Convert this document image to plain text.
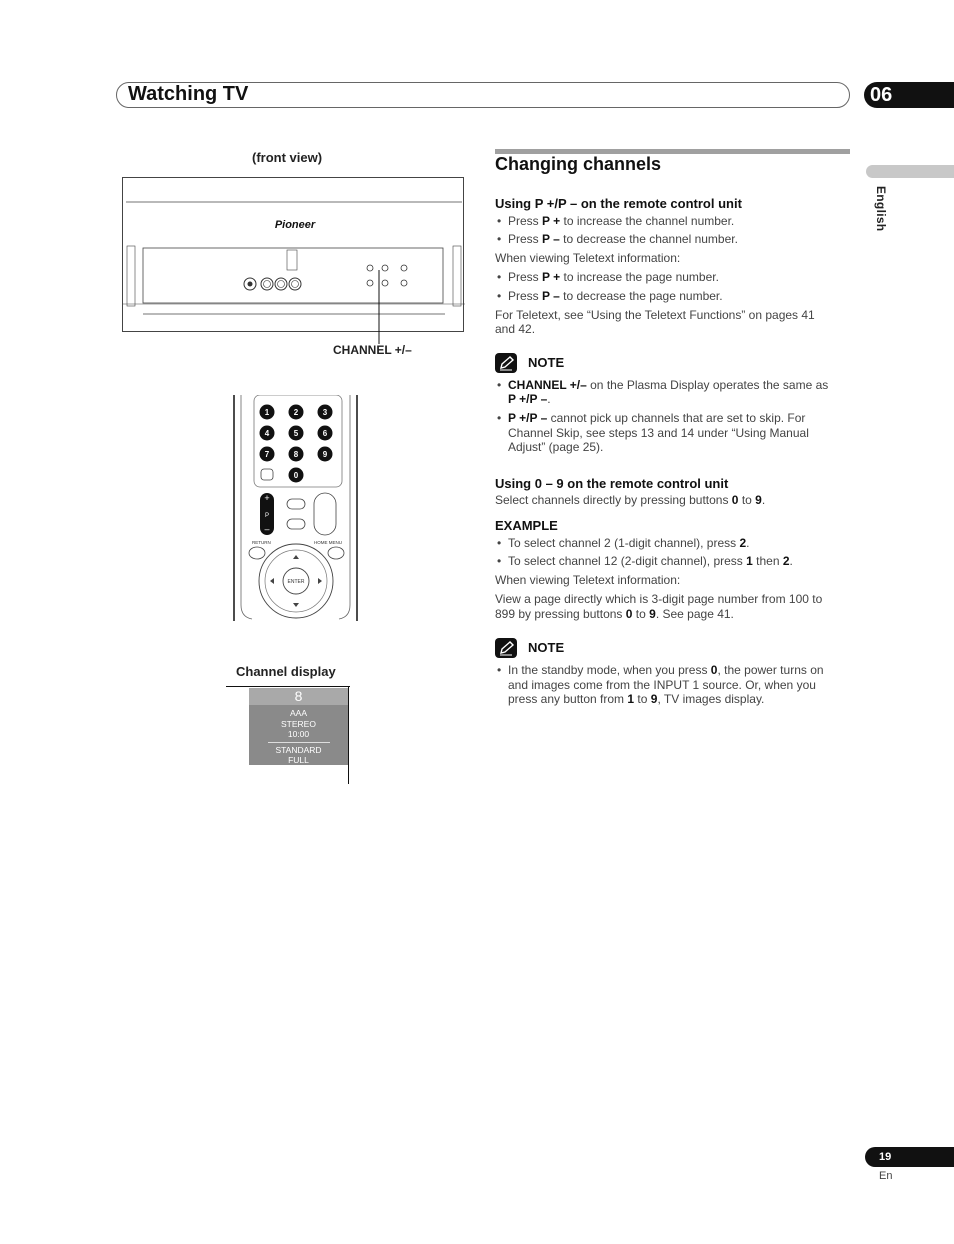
Watching TV	06
English
(front view)
Pioneer
CHANNEL +/–
1	2	3
4	5	6
7	8	9
0
+
P
–
RETURN	HOME MENU
ENTER
Channel display
8
AAA
STEREO
10:00
STANDARD
FULL
Changing channels
Using P +/P – on the remote control unit
• Press P + to increase the channel number.
• Press P – to decrease the channel number.
When viewing Teletext information:
• Press P + to increase the page number.
• Press P – to decrease the page number.
For Teletext, see “Using the Teletext Functions” on pages 41
and 42.
NOTE
• CHANNEL +/– on the Plasma Display operates the same as
P +/P –.
• P +/P – cannot pick up channels that are set to skip. For
Channel Skip, see steps 13 and 14 under “Using Manual
Adjust” (page 25).
Using 0 – 9 on the remote control unit
Select channels directly by pressing buttons 0 to 9.
EXAMPLE
• To select channel 2 (1-digit channel), press 2.
• To select channel 12 (2-digit channel), press 1 then 2.
When viewing Teletext information:
View a page directly which is 3-digit page number from 100 to
899 by pressing buttons 0 to 9. See page 41.
NOTE
• In the standby mode, when you press 0, the power turns on
and images come from the INPUT 1 source. Or, when you
press any button from 1 to 9, TV images display.
19
En
